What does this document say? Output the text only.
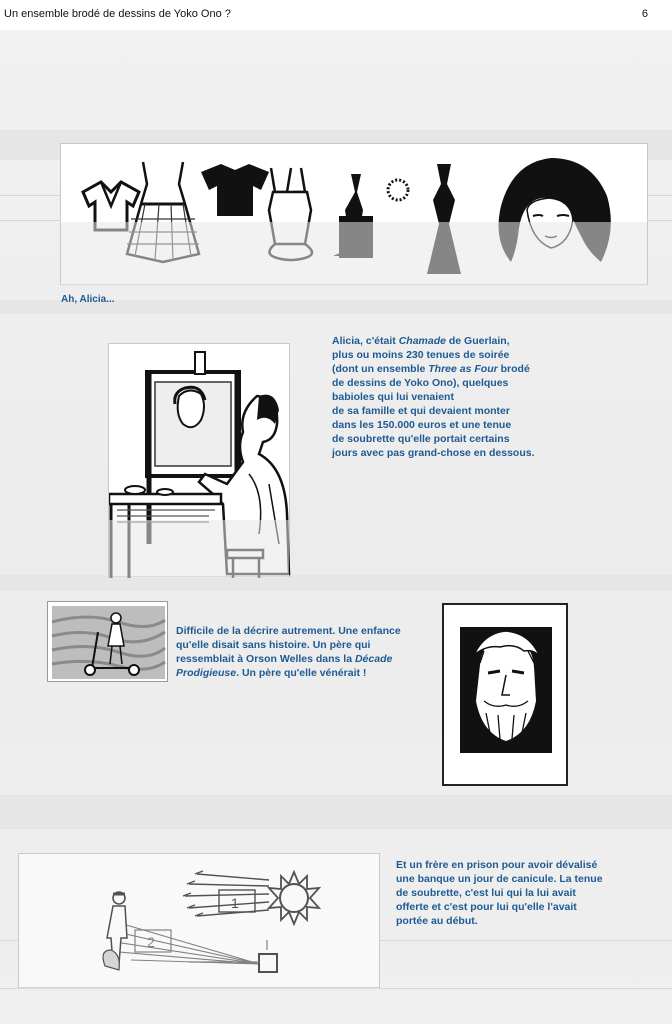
Un ensemble brodé de dessins de Yoko Ono ?	6
Ah, Alicia...
Alicia, c'était Chamade de Guerlain,
plus ou moins 230 tenues de soirée
(dont un ensemble Three as Four brodé
de dessins de Yoko Ono), quelques
babioles qui lui venaient
de sa famille et qui devaient monter
dans les 150.000 euros et une tenue
de soubrette qu'elle portait certains
jours avec pas grand-chose en dessous.
Difficile de la décrire autrement. Une enfance
qu'elle disait sans histoire. Un père qui
ressemblait à Orson Welles dans la Décade
Prodigieuse. Un père qu'elle vénérait !
1
2
Et un frère en prison pour avoir dévalisé
une banque un jour de canicule. La tenue
de soubrette, c'est lui qui la lui avait
offerte et c'est pour lui qu'elle l'avait
portée au début.
